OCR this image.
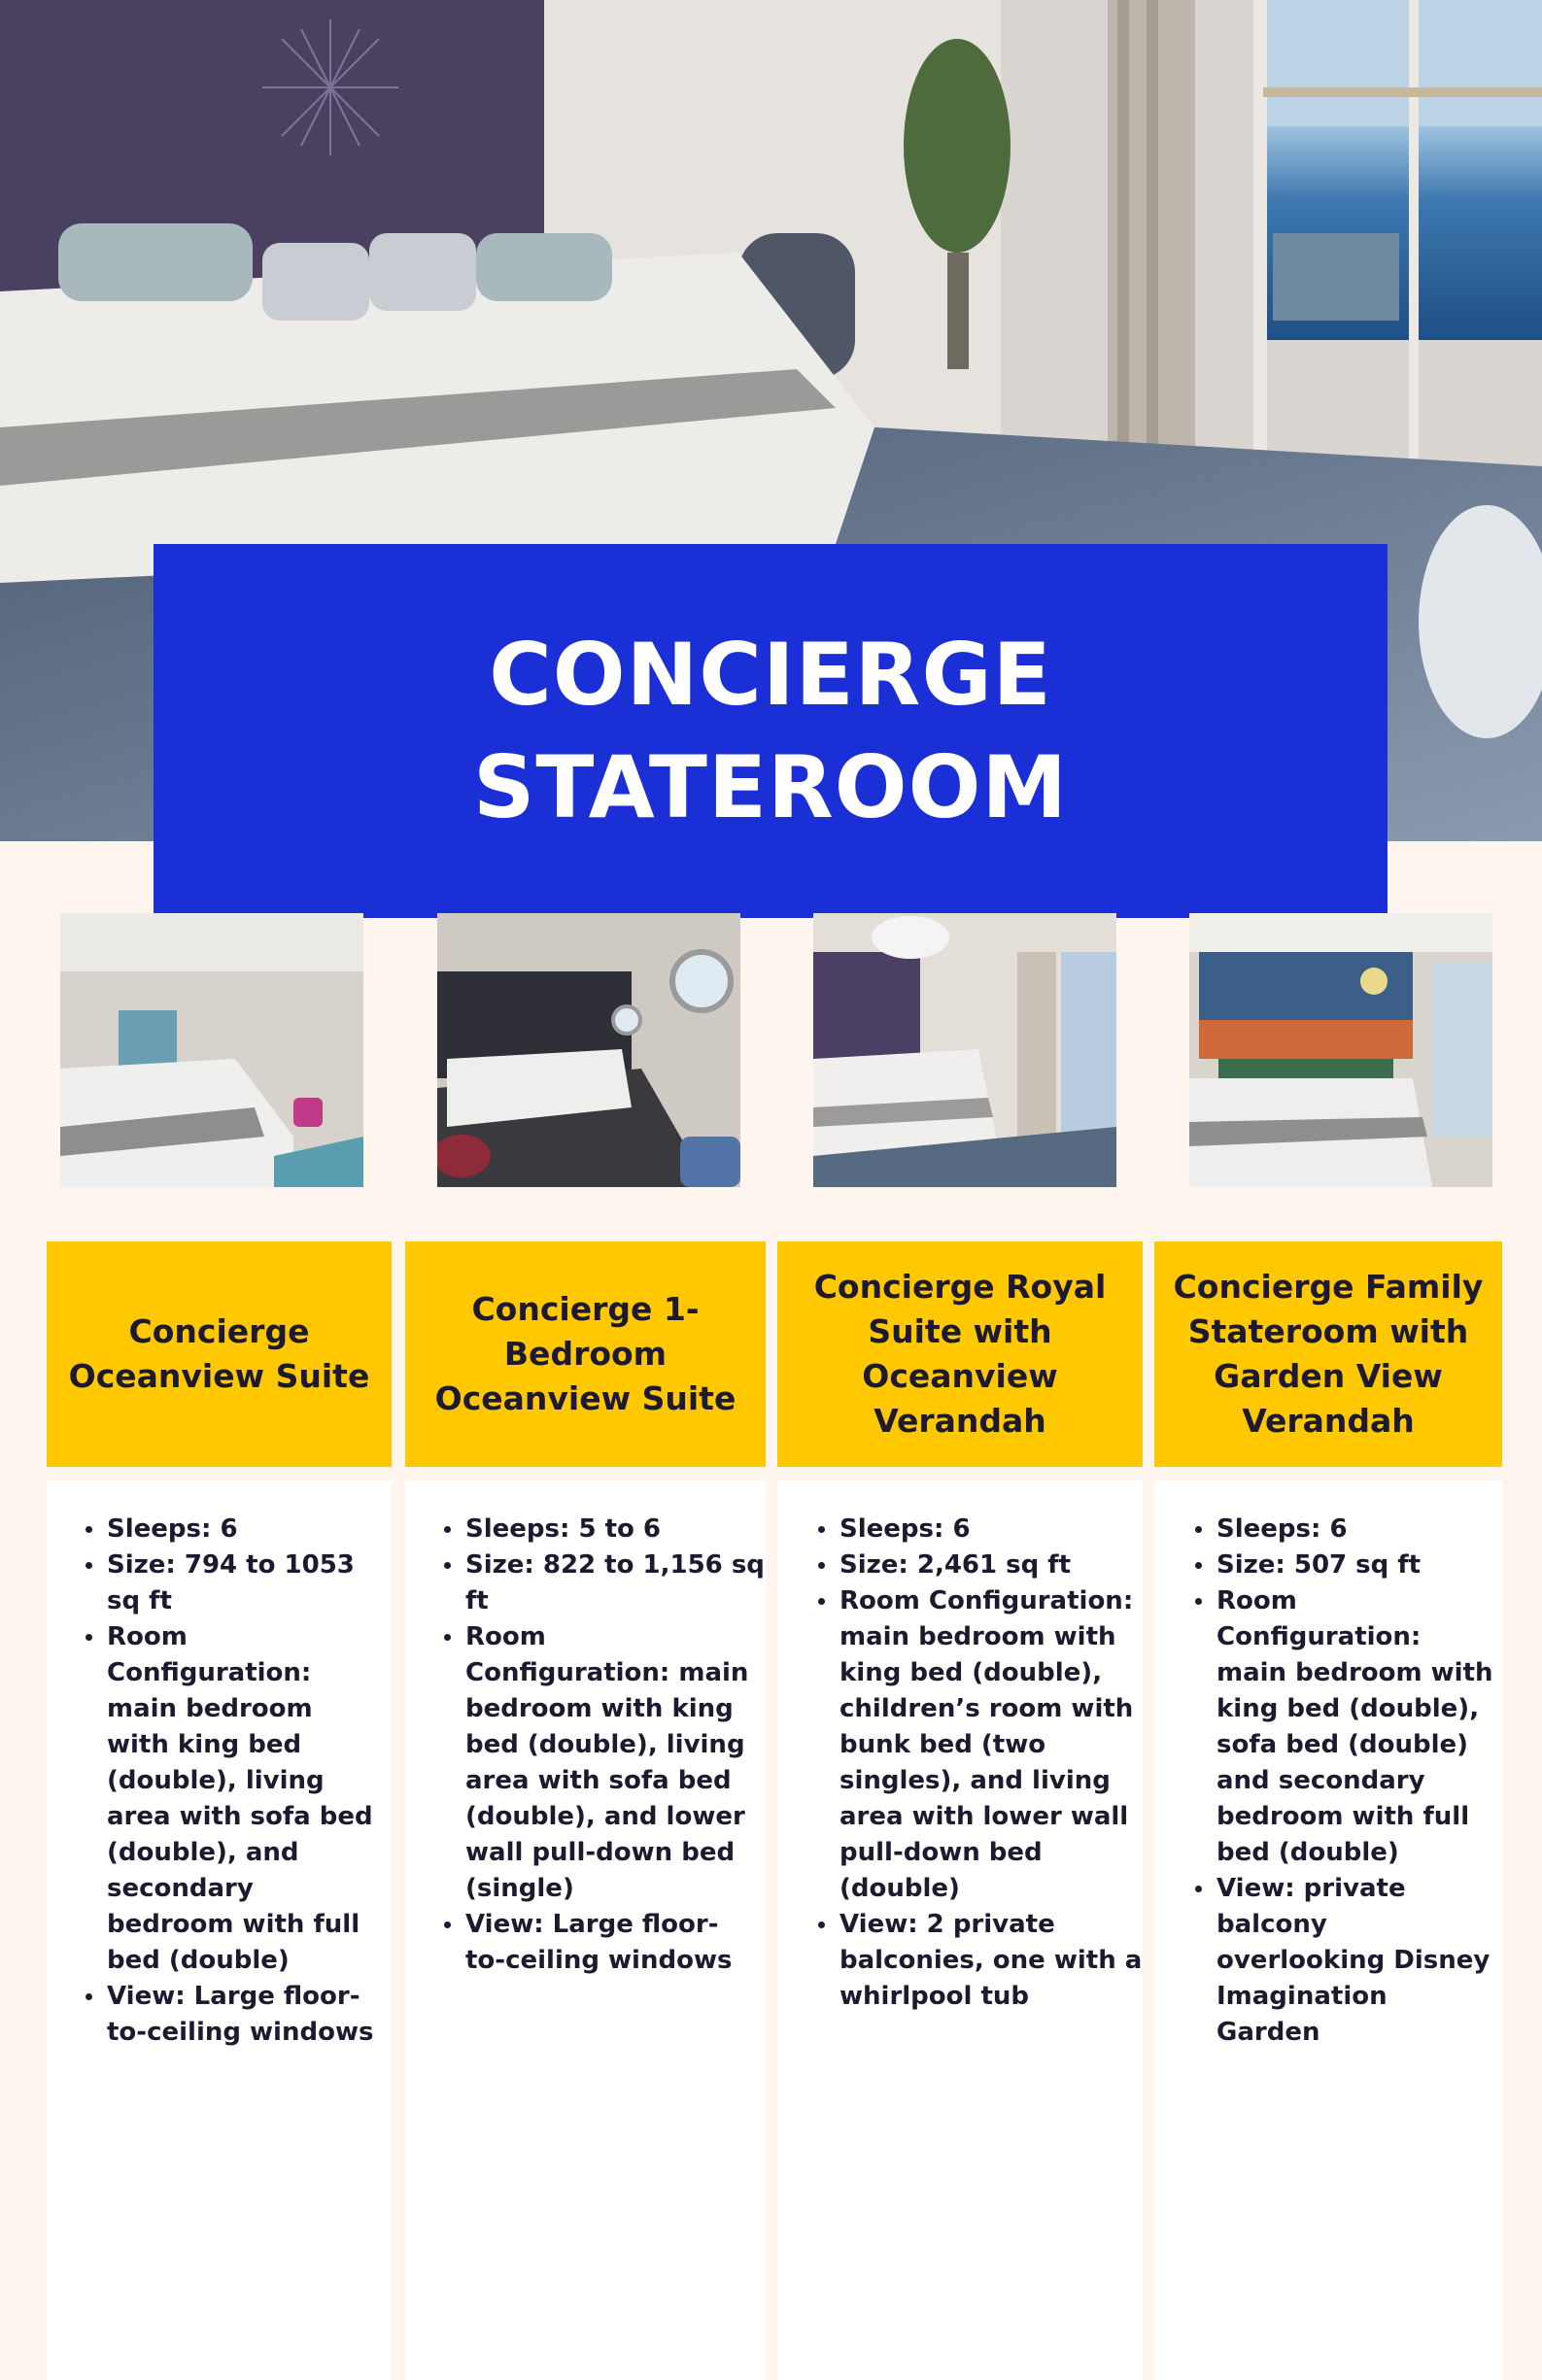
CONCIERGE
STATEROOM
Concierge
Oceanview Suite
Sleeps: 6
Size: 794 to 1053
sq ft
Room
Configuration:
main bedroom
with king bed
(double), living
area with sofa bed
(double), and
secondary
bedroom with full
bed (double)
View: Large floor-
to-ceiling windows
Concierge 1-
Bedroom
Oceanview Suite
Sleeps: 5 to 6
Size: 822 to 1,156 sq
ft
Room
Configuration: main
bedroom with king
bed (double), living
area with sofa bed
(double), and lower
wall pull-down bed
(single)
View: Large floor-
to-ceiling windows
Concierge Royal
Suite with
Oceanview
Verandah
Sleeps: 6
Size: 2,461 sq ft
Room Configuration:
main bedroom with
king bed (double),
children’s room with
bunk bed (two
singles), and living
area with lower wall
pull-down bed
(double)
View: 2 private
balconies, one with a
whirlpool tub
Concierge Family
Stateroom with
Garden View
Verandah
Sleeps: 6
Size: 507 sq ft
Room
Configuration:
main bedroom with
king bed (double),
sofa bed (double)
and secondary
bedroom with full
bed (double)
View: private
balcony
overlooking Disney
Imagination
Garden
